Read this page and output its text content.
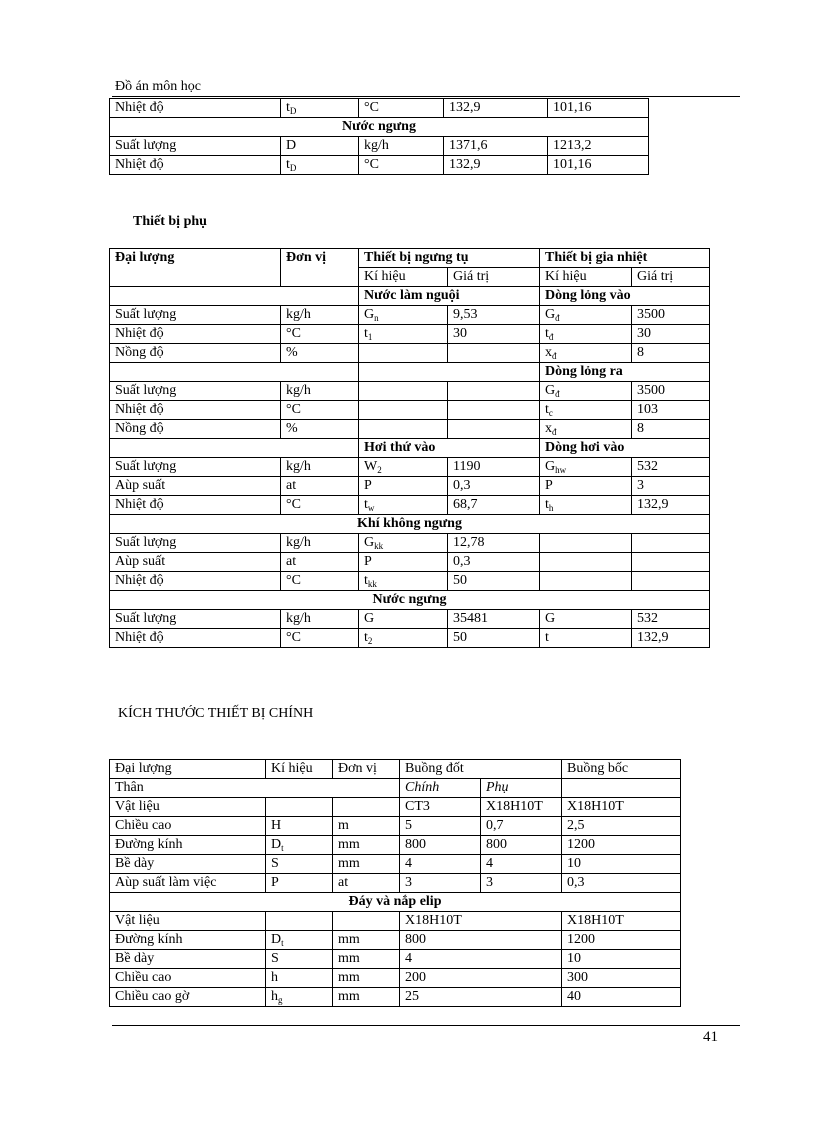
Đồ án môn học
Nhiệt độ	$t_D$	°C	132,9	101,16
Nước ngưng				
Suất lượng	D	kg/h	1371,6	1213,2
Nhiệt độ	$t_D$	°C	132,9	101,16
Thiết bị phụ
Đại lượng	Đơn vị	Thiết bị ngưng tụ		Thiết bị gia nhiệt	
		Kí hiệu	Giá trị	Kí hiệu	Giá trị
		Nước làm nguội		Dòng lỏng vào	
Suất lượng	kg/h	$G_n$	9,53	$G_đ$	3500
Nhiệt độ	°C	$t_1$	30	$t_đ$	30
Nồng độ	%			$x_đ$	8
				Dòng lỏng ra	
Suất lượng	kg/h			$G_đ$	3500
Nhiệt độ	°C			$t_c$	103
Nồng độ	%			$x_đ$	8
		Hơi thứ vào		Dòng hơi vào	
Suất lượng	kg/h	$W_2$	1190	$G_{hw}$	532
Aùp suất	at	P	0,3	P	3
Nhiệt độ	°C	$t_w$	68,7	$t_h$	132,9
Khí không ngưng					
Suất lượng	kg/h	$G_{kk}$	12,78		
Aùp suất	at	P	0,3		
Nhiệt độ	°C	$t_{kk}$	50		
Nước ngưng					
Suất lượng	kg/h	G	35481	G	532
Nhiệt độ	°C	$t_2$	50	t	132,9
KÍCH THƯỚC THIẾT BỊ CHÍNH
Đại lượng	Kí hiệu	Đơn vị	Buồng đốt		Buồng bốc
Thân			Chính	Phụ	
Vật liệu			CT3	X18H10T	X18H10T
Chiều cao	H	m	5	0,7	2,5
Đường kính	$D_t$	mm	800	800	1200
Bề dày	S	mm	4	4	10
Aùp suất làm việc	P	at	3	3	0,3
Đáy và nắp elip					
Vật liệu			X18H10T		X18H10T
Đường kính	$D_t$	mm	800		1200
Bề dày	S	mm	4		10
Chiều cao	h	mm	200		300
Chiều cao gờ	$h_g$	mm	25		40
41
